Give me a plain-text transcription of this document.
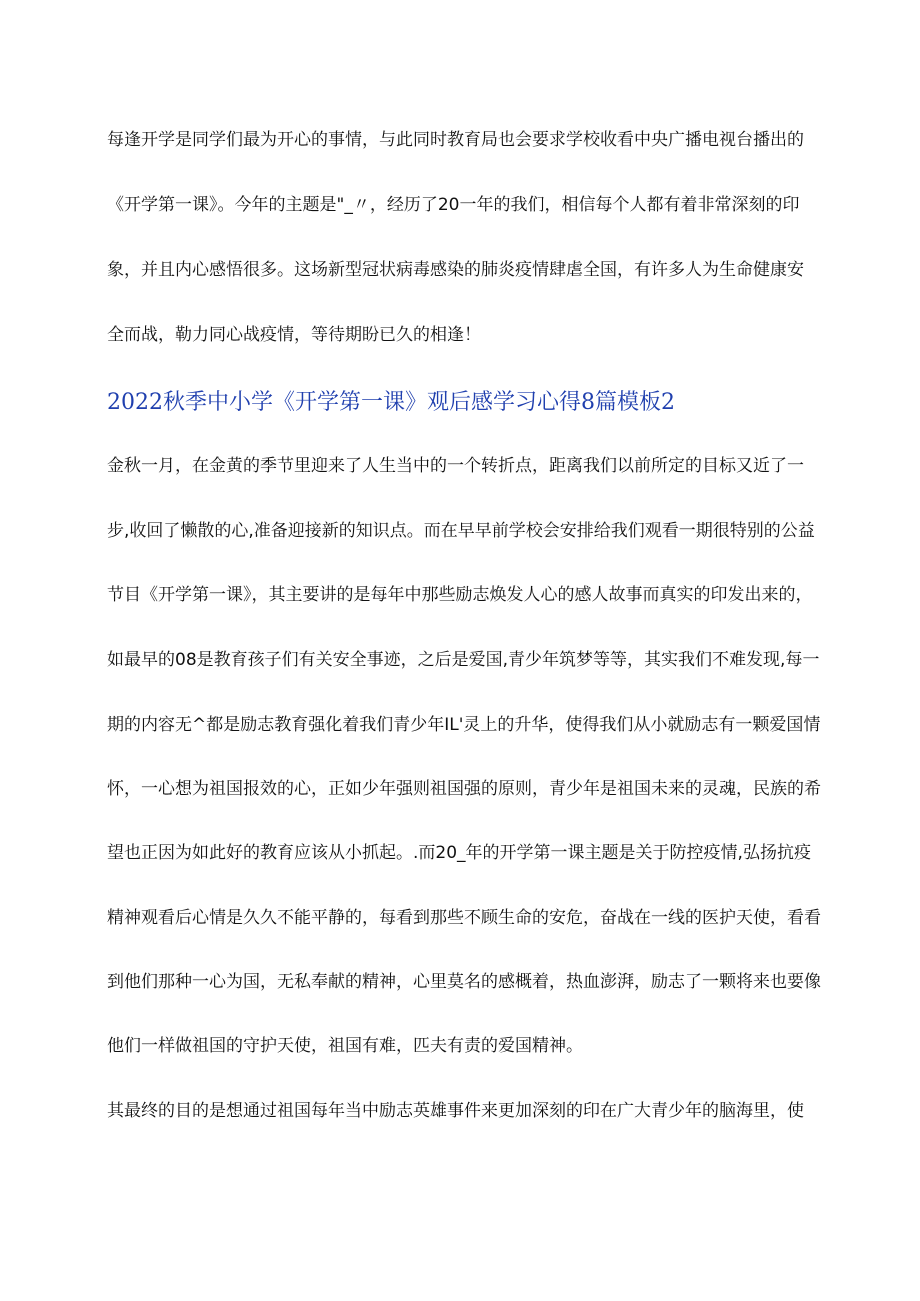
每逢开学是同学们最为开心的事情，与此同时教育局也会要求学校收看中央广播电视台播出的
《开学第一课》。今年的主题是"_〃，经历了20一年的我们，相信每个人都有着非常深刻的印
象，并且内心感悟很多。这场新型冠状病毒感染的肺炎疫情肆虐全国，有许多人为生命健康安
全而战，勒力同心战疫情，等待期盼已久的相逢！
2022秋季中小学《开学第一课》观后感学习心得8篇模板2
金秋一月，在金黄的季节里迎来了人生当中的一个转折点，距离我们以前所定的目标又近了一
步,收回了懒散的心,准备迎接新的知识点。而在早早前学校会安排给我们观看一期很特别的公益
节目《开学第一课》，其主要讲的是每年中那些励志焕发人心的感人故事而真实的印发出来的，
如最早的08是教育孩子们有关安全事迹，之后是爱国,青少年筑梦等等，其实我们不难发现,每一
期的内容无^都是励志教育强化着我们青少年IL'灵上的升华，使得我们从小就励志有一颗爱国情
怀，一心想为祖国报效的心，正如少年强则祖国强的原则，青少年是祖国未来的灵魂，民族的希
望也正因为如此好的教育应该从小抓起。.而20_年的开学第一课主题是关于防控疫情,弘扬抗疫
精神观看后心情是久久不能平静的，每看到那些不顾生命的安危，奋战在一线的医护天使，看看
到他们那种一心为国，无私奉献的精神，心里莫名的感概着，热血澎湃，励志了一颗将来也要像
他们一样做祖国的守护天使，祖国有难，匹夫有责的爱国精神。
其最终的目的是想通过祖国每年当中励志英雄事件来更加深刻的印在广大青少年的脑海里，使
